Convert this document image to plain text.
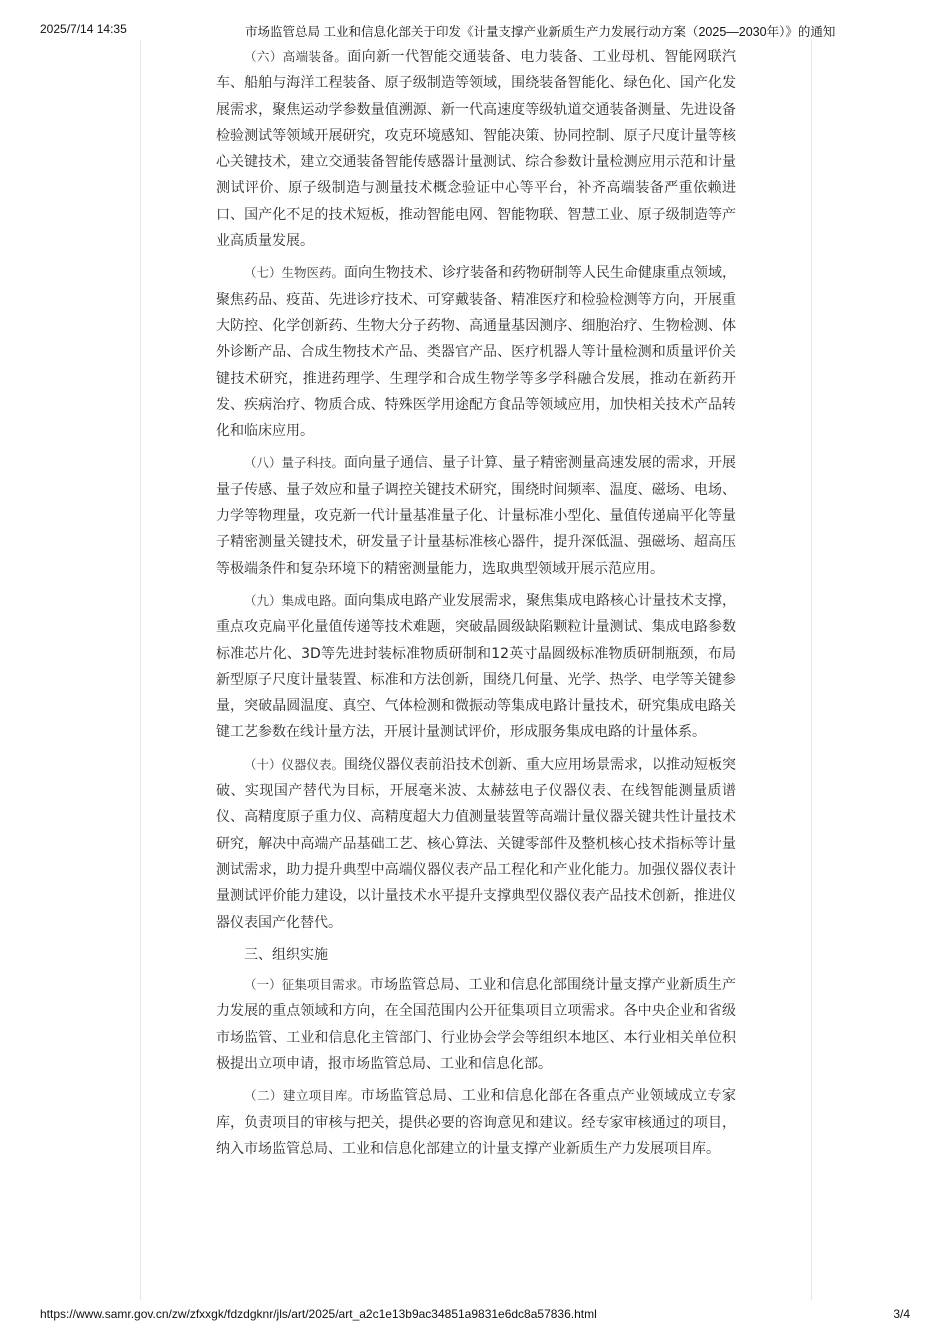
2025/7/14 14:35	市场监管总局 工业和信息化部关于印发《计量支撑产业新质生产力发展行动方案（2025—2030年）》的通知

（六）高端装备。面向新一代智能交通装备、电力装备、工业母机、智能网联汽车、船舶与海洋工程装备、原子级制造等领域，围绕装备智能化、绿色化、国产化发展需求，聚焦运动学参数量值溯源、新一代高速度等级轨道交通装备测量、先进设备检验测试等领域开展研究，攻克环境感知、智能决策、协同控制、原子尺度计量等核心关键技术，建立交通装备智能传感器计量测试、综合参数计量检测应用示范和计量测试评价、原子级制造与测量技术概念验证中心等平台，补齐高端装备严重依赖进口、国产化不足的技术短板，推动智能电网、智能物联、智慧工业、原子级制造等产业高质量发展。

（七）生物医药。面向生物技术、诊疗装备和药物研制等人民生命健康重点领域，聚焦药品、疫苗、先进诊疗技术、可穿戴装备、精准医疗和检验检测等方向，开展重大防控、化学创新药、生物大分子药物、高通量基因测序、细胞治疗、生物检测、体外诊断产品、合成生物技术产品、类器官产品、医疗机器人等计量检测和质量评价关键技术研究，推进药理学、生理学和合成生物学等多学科融合发展，推动在新药开发、疾病治疗、物质合成、特殊医学用途配方食品等领域应用，加快相关技术产品转化和临床应用。

（八）量子科技。面向量子通信、量子计算、量子精密测量高速发展的需求，开展量子传感、量子效应和量子调控关键技术研究，围绕时间频率、温度、磁场、电场、力学等物理量，攻克新一代计量基准量子化、计量标准小型化、量值传递扁平化等量子精密测量关键技术，研发量子计量基标准核心器件，提升深低温、强磁场、超高压等极端条件和复杂环境下的精密测量能力，选取典型领域开展示范应用。

（九）集成电路。面向集成电路产业发展需求，聚焦集成电路核心计量技术支撑，重点攻克扁平化量值传递等技术难题，突破晶圆级缺陷颗粒计量测试、集成电路参数标准芯片化、3D等先进封装标准物质研制和12英寸晶圆级标准物质研制瓶颈，布局新型原子尺度计量装置、标准和方法创新，围绕几何量、光学、热学、电学等关键参量，突破晶圆温度、真空、气体检测和微振动等集成电路计量技术，研究集成电路关键工艺参数在线计量方法，开展计量测试评价，形成服务集成电路的计量体系。

（十）仪器仪表。围绕仪器仪表前沿技术创新、重大应用场景需求，以推动短板突破、实现国产替代为目标，开展毫米波、太赫兹电子仪器仪表、在线智能测量质谱仪、高精度原子重力仪、高精度超大力值测量装置等高端计量仪器关键共性计量技术研究，解决中高端产品基础工艺、核心算法、关键零部件及整机核心技术指标等计量测试需求，助力提升典型中高端仪器仪表产品工程化和产业化能力。加强仪器仪表计量测试评价能力建设，以计量技术水平提升支撑典型仪器仪表产品技术创新，推进仪器仪表国产化替代。

三、组织实施

（一）征集项目需求。市场监管总局、工业和信息化部围绕计量支撑产业新质生产力发展的重点领域和方向，在全国范围内公开征集项目立项需求。各中央企业和省级市场监管、工业和信息化主管部门、行业协会学会等组织本地区、本行业相关单位积极提出立项申请，报市场监管总局、工业和信息化部。

（二）建立项目库。市场监管总局、工业和信息化部在各重点产业领域成立专家库，负责项目的审核与把关，提供必要的咨询意见和建议。经专家审核通过的项目，纳入市场监管总局、工业和信息化部建立的计量支撑产业新质生产力发展项目库。

https://www.samr.gov.cn/zw/zfxxgk/fdzdgknr/jls/art/2025/art_a2c1e13b9ac34851a9831e6dc8a57836.html	3/4
